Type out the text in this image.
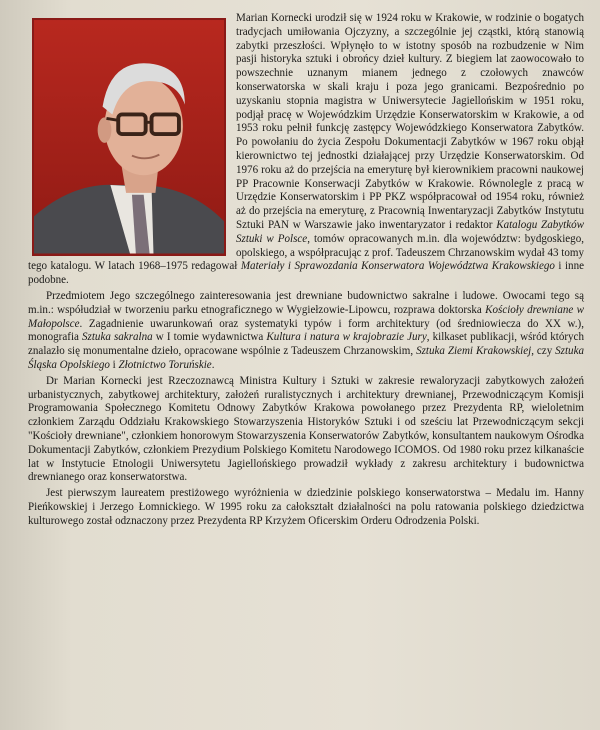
Marian Kornecki urodził się w 1924 roku w Krakowie, w rodzinie o bogatych tradycjach umiłowania Ojczyzny, a szczególnie jej cząstki, którą stanowią zabytki przeszłości. Wpłynęło to w istotny sposób na rozbudzenie w Nim pasji historyka sztuki i obrońcy dzieł kultury. Z biegiem lat zaowocowało to powszechnie uznanym mianem jednego z czołowych znawców konserwatorska w skali kraju i poza jego granicami. Bezpośrednio po uzyskaniu stopnia magistra w Uniwersytecie Jagiellońskim w 1951 roku, podjął pracę w Wojewódzkim Urzędzie Konserwatorskim w Krakowie, a od 1953 roku pełnił funkcję zastępcy Wojewódzkiego Konserwatora Zabytków. Po powołaniu do życia Zespołu Dokumentacji Zabytków w 1967 roku objął kierownictwo tej jednostki działającej przy Urzędzie Konserwatorskim. Od 1976 roku aż do przejścia na emeryturę był kierownikiem pracowni naukowej PP Pracownie Konserwacji Zabytków w Krakowie. Równolegle z pracą w Urzędzie Konserwatorskim i PP PKZ współpracował od 1954 roku, również aż do przejścia na emeryturę, z Pracownią Inwentaryzacji Zabytków Instytutu Sztuki PAN w Warszawie jako inwentaryzator i redaktor Katalogu Zabytków Sztuki w Polsce, tomów opracowanych m.in. dla województw: bydgoskiego, opolskiego, a współpracując z prof. Tadeuszem Chrzanowskim wydał 43 tomy tego katalogu. W latach 1968–1975 redagował Materiały i Sprawozdania Konserwatora Województwa Krakowskiego i inne podobne.

Przedmiotem Jego szczególnego zainteresowania jest drewniane budownictwo sakralne i ludowe. Owocami tego są m.in.: współudział w tworzeniu parku etnograficznego w Wygiełzowie-Lipowcu, rozprawa doktorska Kościoły drewniane w Małopolsce. Zagadnienie uwarunkowań oraz systematyki typów i form architektury (od średniowiecza do XX w.), monografia Sztuka sakralna w I tomie wydawnictwa Kultura i natura w krajobrazie Jury, kilkaset publikacji, wśród których znalazło się monumentalne dzieło, opracowane wspólnie z Tadeuszem Chrzanowskim, Sztuka Ziemi Krakowskiej, czy Sztuka Śląska Opolskiego i Złotnictwo Toruńskie.

Dr Marian Kornecki jest Rzeczoznawcą Ministra Kultury i Sztuki w zakresie rewaloryzacji zabytkowych założeń urbanistycznych, zabytkowej architektury, założeń ruralistycznych i architektury drewnianej, Przewodniczącym Komisji Programowania Społecznego Komitetu Odnowy Zabytków Krakowa powołanego przez Prezydenta RP, wieloletnim członkiem Zarządu Oddziału Krakowskiego Stowarzyszenia Historyków Sztuki i od sześciu lat Przewodniczącym sekcji "Kościoły drewniane", członkiem honorowym Stowarzyszenia Konserwatorów Zabytków, konsultantem naukowym Ośrodka Dokumentacji Zabytków, członkiem Prezydium Polskiego Komitetu Narodowego ICOMOS. Od 1980 roku przez kilkanaście lat w Instytucie Etnologii Uniwersytetu Jagiellońskiego prowadził wykłady z zakresu architektury i budownictwa drewnianego oraz konserwatorstwa.

Jest pierwszym laureatem prestiżowego wyróżnienia w dziedzinie polskiego konserwatorstwa – Medalu im. Hanny Pieńkowskiej i Jerzego Łomnickiego. W 1995 roku za całokształt działalności na polu ratowania polskiego dziedzictwa kulturowego został odznaczony przez Prezydenta RP Krzyżem Oficerskim Orderu Odrodzenia Polski.
